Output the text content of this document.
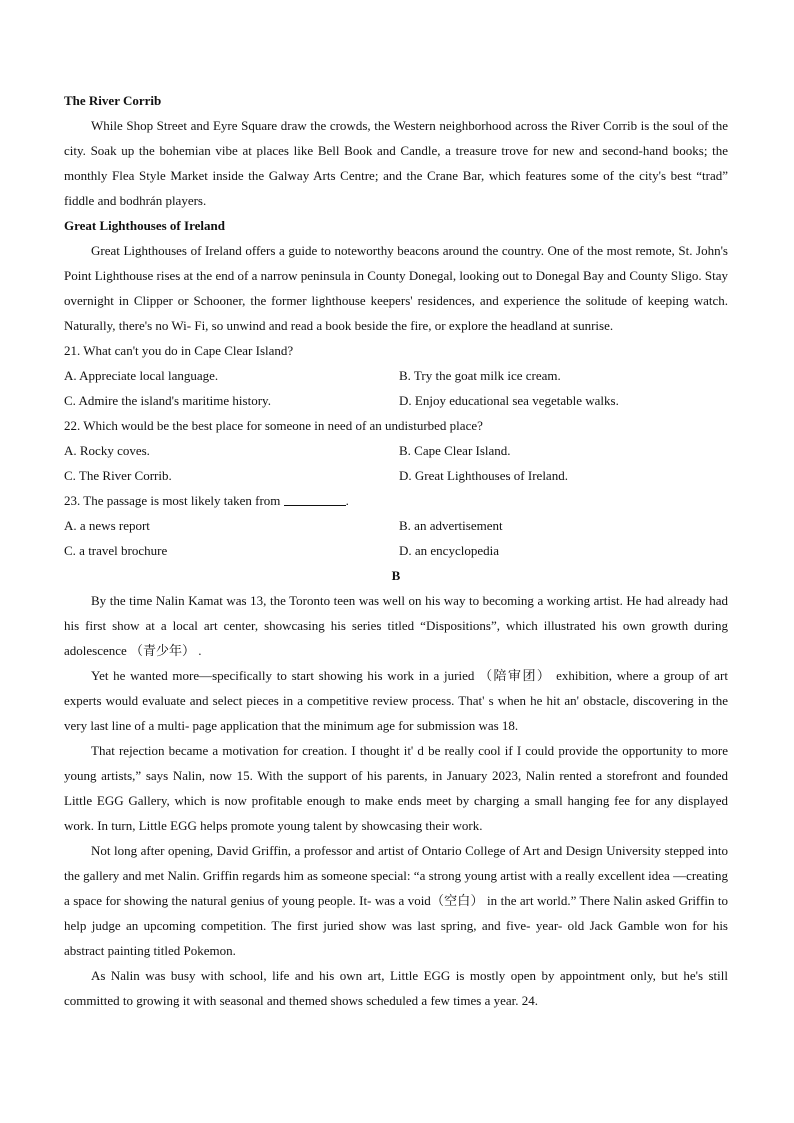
The River Corrib

While Shop Street and Eyre Square draw the crowds, the Western neighborhood across the River Corrib is the soul of the city. Soak up the bohemian vibe at places like Bell Book and Candle, a treasure trove for new and second-hand books; the monthly Flea Style Market inside the Galway Arts Centre; and the Crane Bar, which features some of the city's best “trad” fiddle and bodhrán players.

Great Lighthouses of Ireland

Great Lighthouses of Ireland offers a guide to noteworthy beacons around the country. One of the most remote, St. John's Point Lighthouse rises at the end of a narrow peninsula in County Donegal, looking out to Donegal Bay and County Sligo. Stay overnight in Clipper or Schooner, the former lighthouse keepers' residences, and experience the solitude of keeping watch. Naturally, there's no Wi- Fi, so unwind and read a book beside the fire, or explore the headland at sunrise.

21. What can't you do in Cape Clear Island?

A. Appreciate local language.	B. Try the goat milk ice cream.
C. Admire the island's maritime history.	D. Enjoy educational sea vegetable walks.

22. Which would be the best place for someone in need of an undisturbed place?

A. Rocky coves.	B. Cape Clear Island.
C. The River Corrib.	D. Great Lighthouses of Ireland.

23. The passage is most likely taken from	.

A. a news report	B. an advertisement
C. a travel brochure	D. an encyclopedia

B

By the time Nalin Kamat was 13, the Toronto teen was well on his way to becoming a working artist. He had already had his first show at a local art center, showcasing his series titled “Dispositions”, which illustrated his own growth during adolescence （青少年） .

Yet he wanted more—specifically to start showing his work in a juried （陪审团） exhibition, where a group of art experts would evaluate and select pieces in a competitive review process. That' s when he hit an' obstacle, discovering in the very last line of a multi- page application that the minimum age for submission was 18.

That rejection became a motivation for creation. I thought it' d be really cool if I could provide the opportunity to more young artists,” says Nalin, now 15. With the support of his parents, in January 2023, Nalin rented a storefront and founded Little EGG Gallery, which is now profitable enough to make ends meet by charging a small hanging fee for any displayed work. In turn, Little EGG helps promote young talent by showcasing their work.

Not long after opening, David Griffin, a professor and artist of Ontario College of Art and Design University stepped into the gallery and met Nalin. Griffin regards him as someone special: “a strong young artist with a really excellent idea —creating a space for showing the natural genius of young people. It- was a void（空白） in the art world.” There Nalin asked Griffin to help judge an upcoming competition. The first juried show was last spring, and five- year- old Jack Gamble won for his abstract painting titled Pokemon.

As Nalin was busy with school, life and his own art, Little EGG is mostly open by appointment only, but he's still committed to growing it with seasonal and themed shows scheduled a few times a year. 24.
